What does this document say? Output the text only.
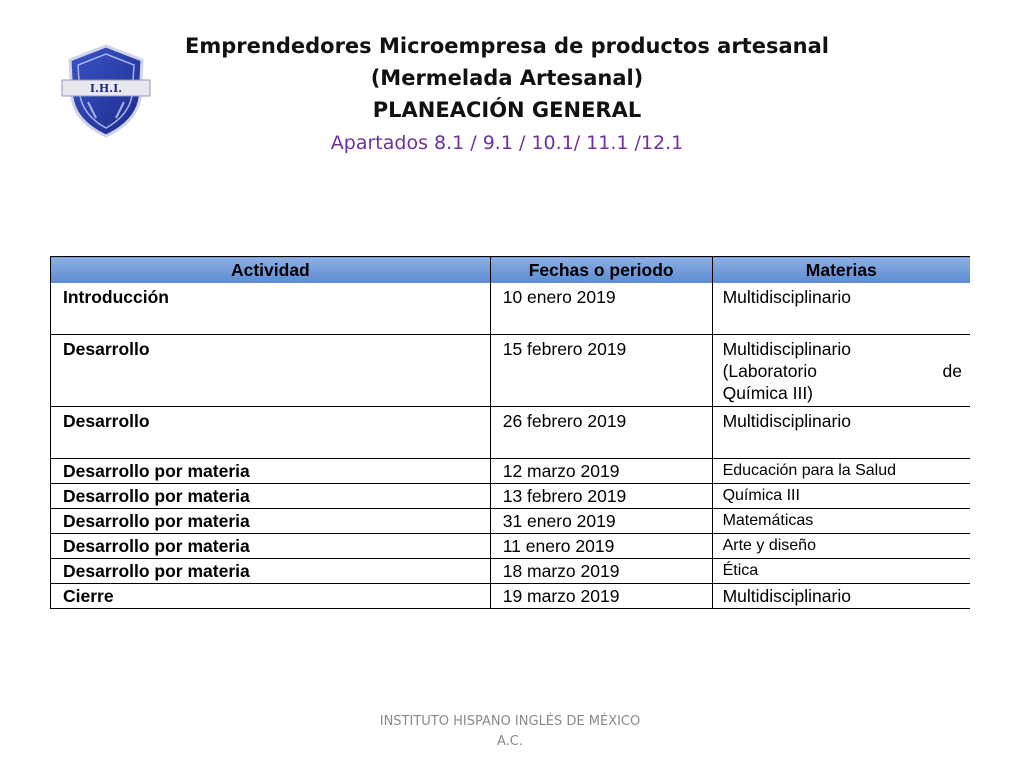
I.H.I.
Emprendedores Microempresa de productos artesanal
(Mermelada Artesanal)
PLANEACIÓN GENERAL
Apartados 8.1 / 9.1 / 10.1/ 11.1 /12.1
Actividad	Fechas o periodo	Materias
Introducción	10 enero 2019	Multidisciplinario
Desarrollo	15 febrero 2019	Multidisciplinario
(Laboratorio de
Química III)

Desarrollo	26 febrero 2019	Multidisciplinario
Desarrollo por materia	12 marzo 2019	Educación para la Salud
Desarrollo por materia	13 febrero 2019	Química III
Desarrollo por materia	31 enero 2019	Matemáticas
Desarrollo por materia	11 enero 2019	Arte y diseño
Desarrollo por materia	18 marzo 2019	Ética
Cierre	19 marzo 2019	Multidisciplinario
INSTITUTO HISPANO INGLÉS DE MÉXICO
A.C.
